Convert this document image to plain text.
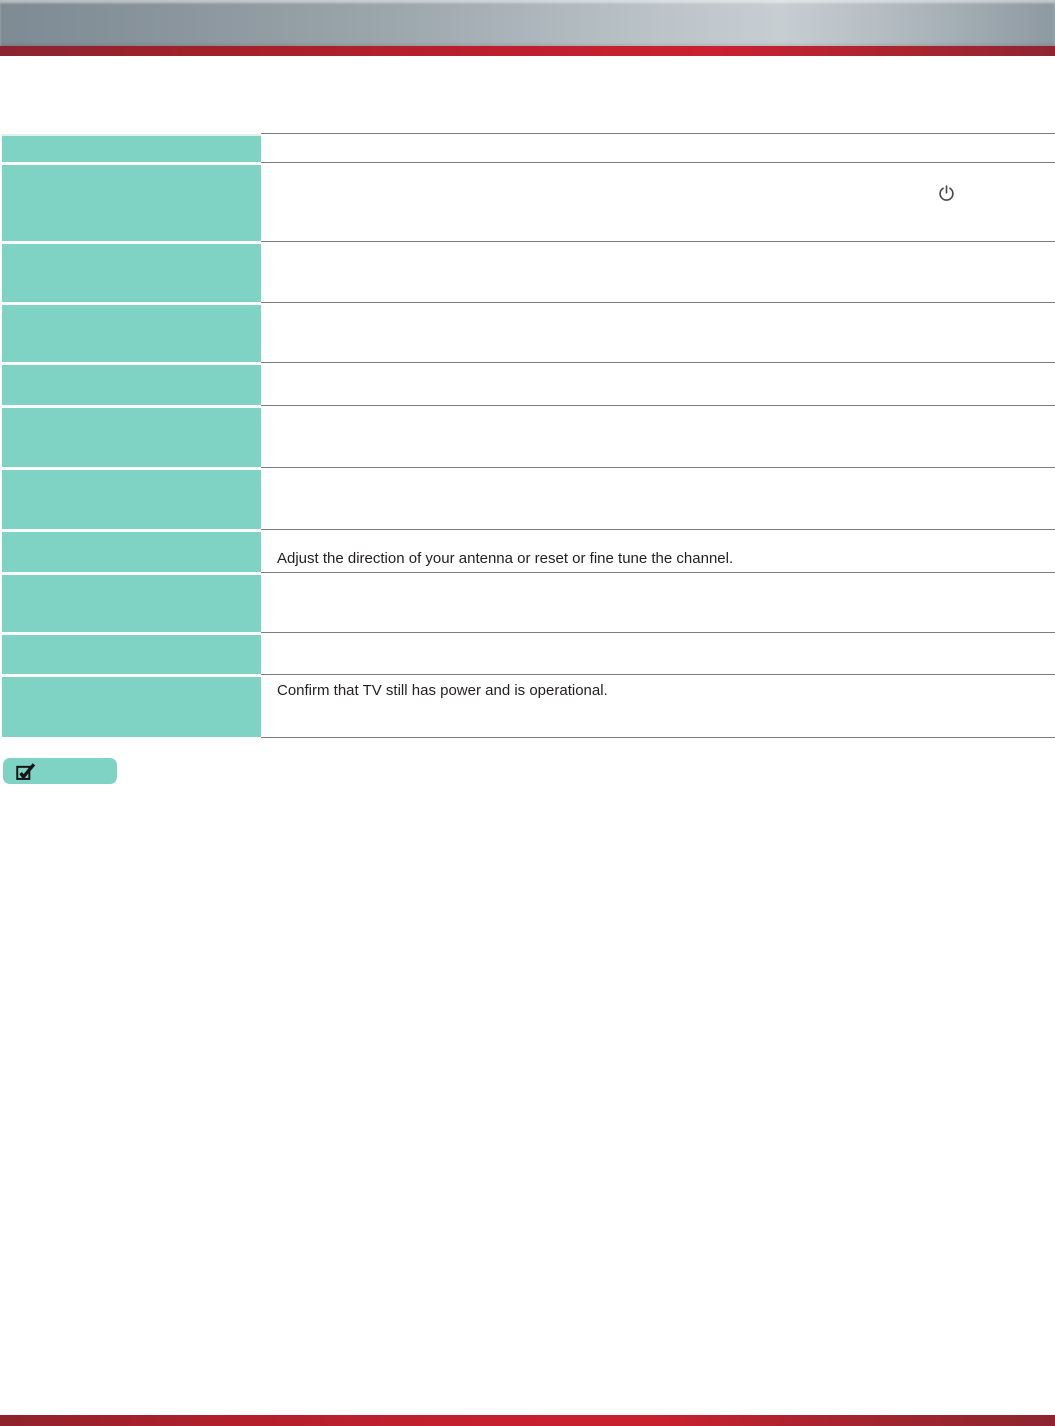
Adjust the direction of your antenna or reset or fine tune the channel.
Confirm that TV still has power and is operational.
